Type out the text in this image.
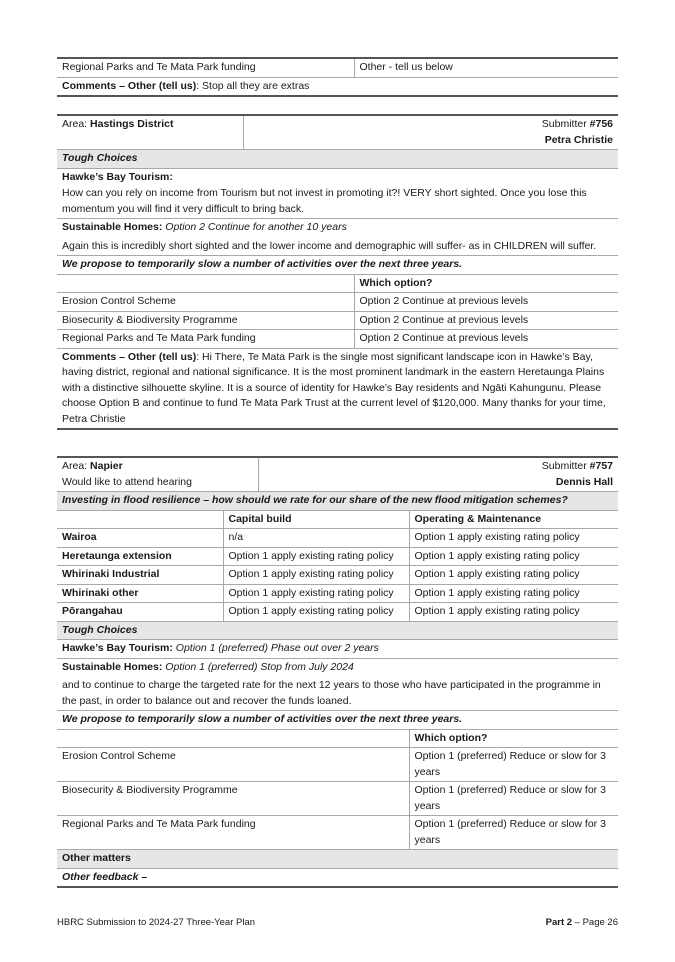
Regional Parks and Te Mata Park funding	Other - tell us below
Comments – Other (tell us): Stop all they are extras
Area: Hastings District Submitter #756
Petra Christie	

Tough Choices	

Hawke’s Bay Tourism:
How can you rely on income from Tourism but not invest in promoting it?! VERY short sighted. Once you lose this momentum you will find it very difficult to bring back.	

Sustainable Homes: Option 2 Continue for another 10 years
Again this is incredibly short sighted and the lower income and demographic will suffer- as in CHILDREN will suffer.	

We propose to temporarily slow a number of activities over the next three years.	
	Which option?
Erosion Control Scheme	Option 2 Continue at previous levels
Biosecurity & Biodiversity Programme	Option 2 Continue at previous levels
Regional Parks and Te Mata Park funding	Option 2 Continue at previous levels
Comments – Other (tell us): Hi There, Te Mata Park is the single most significant landscape icon in Hawke’s Bay, having district, regional and national significance. It is the most prominent landmark in the eastern Heretaunga Plains with a distinctive silhouette skyline. It is a source of identity for Hawke’s Bay residents and Ngāti Kahungunu. Please choose Option B and continue to fund Te Mata Park Trust at the current level of $120,000. Many thanks for your time, Petra Christie	
Area: Napier
Would like to attend hearing
Submitter #757
Dennis Hall		

Investing in flood resilience – how should we rate for our share of the new flood mitigation schemes?		
	Capital build	Operating & Maintenance
Wairoa	n/a	Option 1 apply existing rating policy
Heretaunga extension	Option 1 apply existing rating policy	Option 1 apply existing rating policy
Whirinaki Industrial	Option 1 apply existing rating policy	Option 1 apply existing rating policy
Whirinaki other	Option 1 apply existing rating policy	Option 1 apply existing rating policy
Pōrangahau	Option 1 apply existing rating policy	Option 1 apply existing rating policy
Tough Choices		
Hawke’s Bay Tourism: Option 1 (preferred) Phase out over 2 years		

Sustainable Homes: Option 1 (preferred) Stop from July 2024
and to continue to charge the targeted rate for the next 12 years to those who have participated in the programme in the past, in order to balance out and recover the funds loaned.		

We propose to temporarily slow a number of activities over the next three years.		
		Which option?
Erosion Control Scheme		Option 1 (preferred) Reduce or slow for 3 years
Biosecurity & Biodiversity Programme		Option 1 (preferred) Reduce or slow for 3 years
Regional Parks and Te Mata Park funding		Option 1 (preferred) Reduce or slow for 3 years
Other matters		
Other feedback –		
HBRC Submission to 2024-27 Three-Year Plan	Part 2 – Page 26
